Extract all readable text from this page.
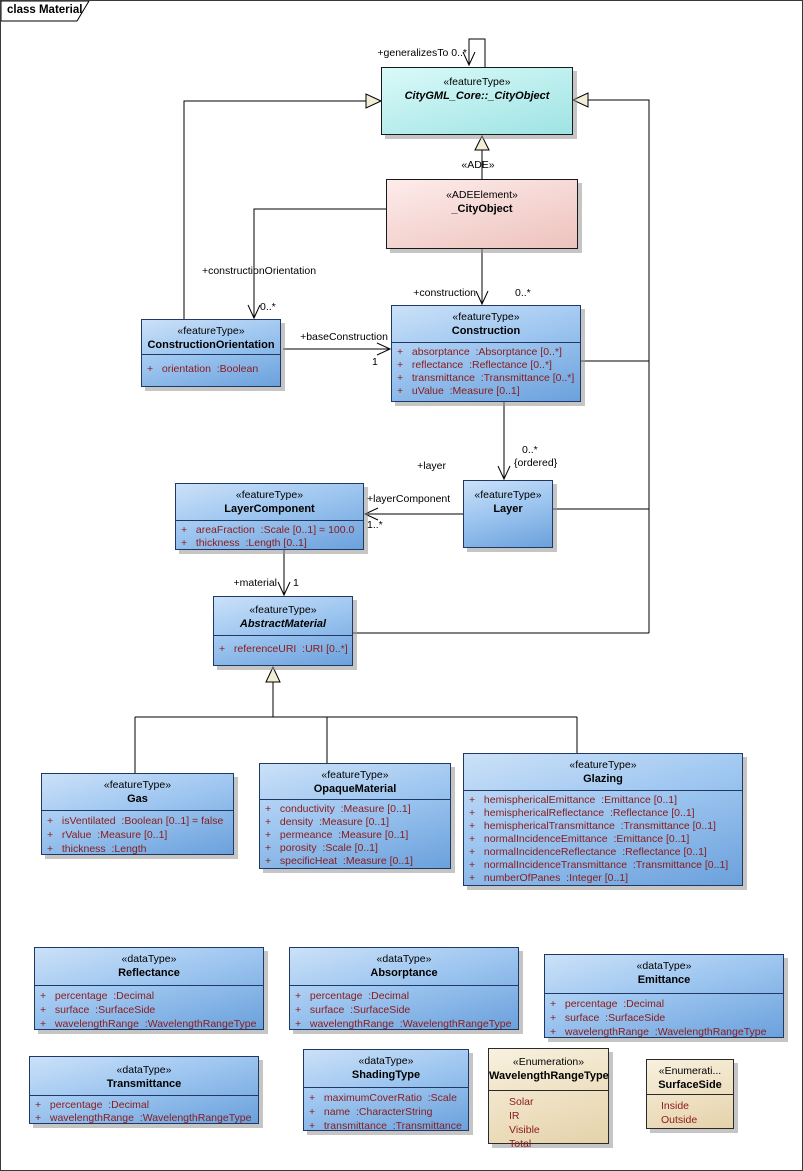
class Material
«featureType»
CityGML_Core::_CityObject
«ADEElement»
_CityObject
«featureType»
ConstructionOrientation
+   orientation  :Boolean
«featureType»
Construction
+   absorptance  :Absorptance [0..*]
+   reflectance  :Reflectance [0..*]
+   transmittance  :Transmittance [0..*]
+   uValue  :Measure [0..1]
«featureType»
Layer
«featureType»
LayerComponent
+   areaFraction  :Scale [0..1] = 100.0
+   thickness  :Length [0..1]
«featureType»
AbstractMaterial
+   referenceURI  :URI [0..*]
«featureType»
Gas
+   isVentilated  :Boolean [0..1] = false
+   rValue  :Measure [0..1]
+   thickness  :Length
«featureType»
OpaqueMaterial
+   conductivity  :Measure [0..1]
+   density  :Measure [0..1]
+   permeance  :Measure [0..1]
+   porosity  :Scale [0..1]
+   specificHeat  :Measure [0..1]
«featureType»
Glazing
+   hemisphericalEmittance  :Emittance [0..1]
+   hemisphericalReflectance  :Reflectance [0..1]
+   hemisphericalTransmittance  :Transmittance [0..1]
+   normalIncidenceEmittance  :Emittance [0..1]
+   normalIncidenceReflectance  :Reflectance [0..1]
+   normalIncidenceTransmittance  :Transmittance [0..1]
+   numberOfPanes  :Integer [0..1]
«dataType»
Reflectance
+   percentage  :Decimal
+   surface  :SurfaceSide
+   wavelengthRange  :WavelengthRangeType
«dataType»
Absorptance
+   percentage  :Decimal
+   surface  :SurfaceSide
+   wavelengthRange  :WavelengthRangeType
«dataType»
Emittance
+   percentage  :Decimal
+   surface  :SurfaceSide
+   wavelengthRange  :WavelengthRangeType
«dataType»
Transmittance
+   percentage  :Decimal
+   wavelengthRange  :WavelengthRangeType
«dataType»
ShadingType
+   maximumCoverRatio  :Scale
+   name  :CharacterString
+   transmittance  :Transmittance
«Enumeration»
WavelengthRangeType
Solar
IR
Visible
Total
«Enumerati...
SurfaceSide
Inside
Outside
+generalizesTo 0..*
«ADE»
+constructionOrientation
0..*
+construction	0..*
+baseConstruction
1
+layer
0..*
{ordered}
+layerComponent
1..*
+material 1
